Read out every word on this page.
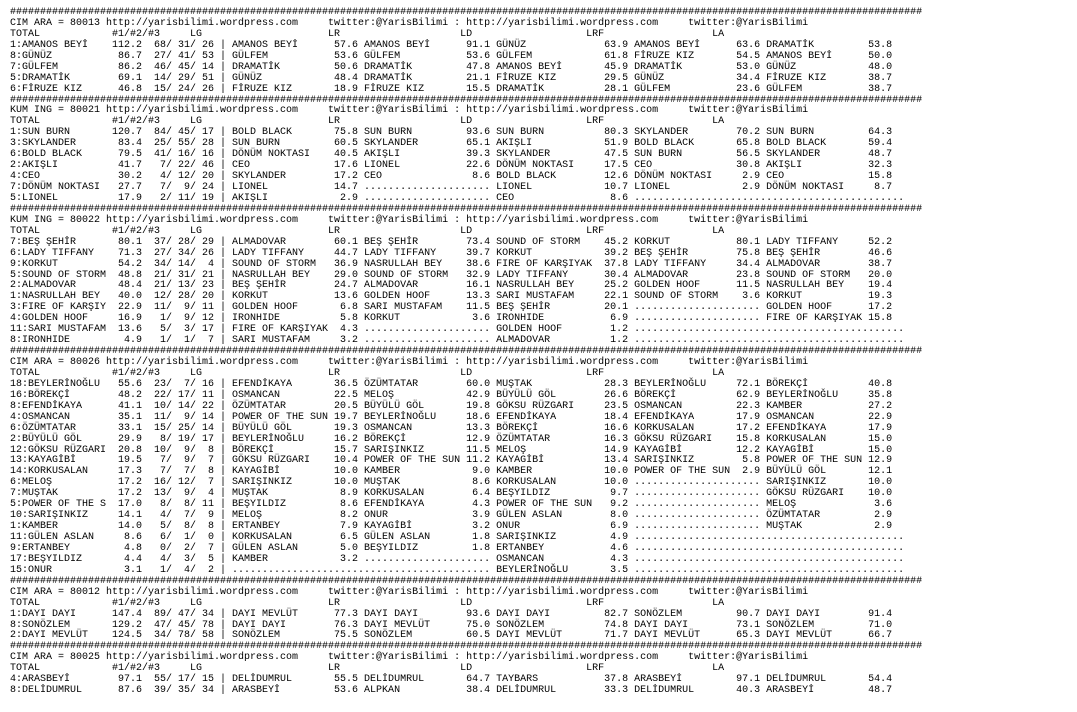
########################################################################################################################################################
CIM ARA = 80013 http://yarisbilimi.wordpress.com     twitter:@YarisBilimi : http://yarisbilimi.wordpress.com     twitter:@YarisBilimi
TOTAL            #1/#2/#3     LG                     LR                    LD                   LRF                  LA
1:AMANOS BEYİ    112.2  68/ 31/ 26 | AMANOS BEYİ      57.6 AMANOS BEYİ      91.1 GÜNÜZ             63.9 AMANOS BEYİ      63.6 DRAMATİK         53.8
8:GÜNÜZ           86.7  27/ 41/ 53 | GÜLFEM           53.6 GÜLFEM           53.6 GÜLFEM            61.8 FİRUZE KIZ       54.5 AMANOS BEYİ      50.0
7:GÜLFEM          86.2  46/ 45/ 14 | DRAMATİK         50.6 DRAMATİK         47.8 AMANOS BEYİ       45.9 DRAMATİK         53.0 GÜNÜZ            48.0
5:DRAMATİK        69.1  14/ 29/ 51 | GÜNÜZ            48.4 DRAMATİK         21.1 FİRUZE KIZ        29.5 GÜNÜZ            34.4 FİRUZE KIZ       38.7
6:FİRUZE KIZ      46.8  15/ 24/ 26 | FİRUZE KIZ       18.9 FİRUZE KIZ       15.5 DRAMATİK          28.1 GÜLFEM           23.6 GÜLFEM           38.7
########################################################################################################################################################
KUM ING = 80021 http://yarisbilimi.wordpress.com     twitter:@YarisBilimi : http://yarisbilimi.wordpress.com     twitter:@YarisBilimi
TOTAL            #1/#2/#3     LG                     LR                    LD                   LRF                  LA
1:SUN BURN       120.7  84/ 45/ 17 | BOLD BLACK       75.8 SUN BURN         93.6 SUN BURN          80.3 SKYLANDER        70.2 SUN BURN         64.3
3:SKYLANDER       83.4  25/ 55/ 28 | SUN BURN         60.5 SKYLANDER        65.1 AKIŞLI            51.9 BOLD BLACK       65.8 BOLD BLACK       59.4
6:BOLD BLACK      79.5  41/ 16/ 16 | DÖNÜM NOKTASI    40.5 AKIŞLI           39.3 SKYLANDER         47.5 SUN BURN         56.5 SKYLANDER        48.7
2:AKIŞLI          41.7   7/ 22/ 46 | CEO              17.6 LIONEL           22.6 DÖNÜM NOKTASI     17.5 CEO              30.8 AKIŞLI           32.3
4:CEO             30.2   4/ 12/ 20 | SKYLANDER        17.2 CEO               8.6 BOLD BLACK        12.6 DÖNÜM NOKTASI     2.9 CEO              15.8
7:DÖNÜM NOKTASI   27.7   7/  9/ 24 | LIONEL           14.7 ..................... LIONEL            10.7 LIONEL            2.9 DÖNÜM NOKTASI     8.7
5:LIONEL          17.9   2/ 11/ 19 | AKIŞLI            2.9 ..................... CEO                8.6 .............................................
########################################################################################################################################################
KUM ING = 80022 http://yarisbilimi.wordpress.com     twitter:@YarisBilimi : http://yarisbilimi.wordpress.com     twitter:@YarisBilimi
TOTAL            #1/#2/#3     LG                     LR                    LD                   LRF                  LA
7:BEŞ ŞEHİR       80.1  37/ 28/ 29 | ALMADOVAR        60.1 BEŞ ŞEHİR        73.4 SOUND OF STORM    45.2 KORKUT           80.1 LADY TIFFANY     52.2
6:LADY TIFFANY    71.3  27/ 34/ 26 | LADY TIFFANY     44.7 LADY TIFFANY     39.7 KORKUT            39.2 BEŞ ŞEHİR        75.8 BEŞ ŞEHİR        46.6
9:KORKUT          54.2  34/ 14/  4 | SOUND OF STORM   36.9 NASRULLAH BEY    38.6 FIRE OF KARŞIYAK  37.8 LADY TIFFANY     34.4 ALMADOVAR        38.7
5:SOUND OF STORM  48.8  21/ 31/ 21 | NASRULLAH BEY    29.0 SOUND OF STORM   32.9 LADY TIFFANY      30.4 ALMADOVAR        23.8 SOUND OF STORM   20.0
2:ALMADOVAR       48.4  21/ 13/ 23 | BEŞ ŞEHİR        24.7 ALMADOVAR        16.1 NASRULLAH BEY     25.2 GOLDEN HOOF      11.5 NASRULLAH BEY    19.4
1:NASRULLAH BEY   40.0  12/ 28/ 20 | KORKUT           13.6 GOLDEN HOOF      13.3 SARI MUSTAFAM     22.1 SOUND OF STORM    3.6 KORKUT           19.3
3:FIRE OF KARŞIY  22.9  11/  9/ 11 | GOLDEN HOOF       6.8 SARI MUSTAFAM    11.5 BEŞ ŞEHİR         20.1 ..................... GOLDEN HOOF      17.2
4:GOLDEN HOOF     16.9   1/  9/ 12 | IRONHIDE          5.8 KORKUT            3.6 IRONHIDE           6.9 ..................... FIRE OF KARŞIYAK 15.8
11:SARI MUSTAFAM  13.6   5/  3/ 17 | FIRE OF KARŞIYAK  4.3 ..................... GOLDEN HOOF        1.2 .............................................
8:IRONHIDE         4.9   1/  1/  7 | SARI MUSTAFAM     3.2 ..................... ALMADOVAR          1.2 .............................................
########################################################################################################################################################
CIM ARA = 80026 http://yarisbilimi.wordpress.com     twitter:@YarisBilimi : http://yarisbilimi.wordpress.com     twitter:@YarisBilimi
TOTAL            #1/#2/#3     LG                     LR                    LD                   LRF                  LA
18:BEYLERİNOĞLU   55.6  23/  7/ 16 | EFENDİKAYA       36.5 ÖZÜMTATAR        60.0 MUŞTAK            28.3 BEYLERİNOĞLU     72.1 BÖREKÇİ          40.8
16:BÖREKÇİ        48.2  22/ 17/ 11 | OSMANCAN         22.5 MELOŞ            42.9 BÜYÜLÜ GÖL        26.6 BÖREKÇİ          62.9 BEYLERİNOĞLU     35.8
8:EFENDİKAYA      41.1  10/ 14/ 22 | ÖZÜMTATAR        20.5 BÜYÜLÜ GÖL       19.8 GÖKSU RÜZGARI     23.5 OSMANCAN         22.3 KAMBER           27.2
4:OSMANCAN        35.1  11/  9/ 14 | POWER OF THE SUN 19.7 BEYLERİNOĞLU     18.6 EFENDİKAYA        18.4 EFENDİKAYA       17.9 OSMANCAN         22.9
6:ÖZÜMTATAR       33.1  15/ 25/ 14 | BÜYÜLÜ GÖL       19.3 OSMANCAN         13.3 BÖREKÇİ           16.6 KORKUSALAN       17.2 EFENDİKAYA       17.9
2:BÜYÜLÜ GÖL      29.9   8/ 19/ 17 | BEYLERİNOĞLU     16.2 BÖREKÇİ          12.9 ÖZÜMTATAR         16.3 GÖKSU RÜZGARI    15.8 KORKUSALAN       15.0
12:GÖKSU RÜZGARI  20.8  10/  9/  8 | BÖREKÇİ          15.7 SARIŞINKIZ       11.5 MELOŞ             14.9 KAYAGİBİ         12.2 KAYAGİBİ         15.0
13:KAYAGİBİ       19.5   7/  9/  7 | GÖKSU RÜZGARI    10.4 POWER OF THE SUN 11.2 KAYAGİBİ          13.4 SARIŞINKIZ        5.8 POWER OF THE SUN 12.9
14:KORKUSALAN     17.3   7/  7/  8 | KAYAGİBİ         10.0 KAMBER            9.0 KAMBER            10.0 POWER OF THE SUN  2.9 BÜYÜLÜ GÖL       12.1
6:MELOŞ           17.2  16/ 12/  7 | SARIŞINKIZ       10.0 MUŞTAK            8.6 KORKUSALAN        10.0 ..................... SARIŞINKIZ       10.0
7:MUŞTAK          17.2  13/  9/  4 | MUŞTAK            8.9 KORKUSALAN        6.4 BEŞYILDIZ          9.7 ..................... GÖKSU RÜZGARI    10.0
5:POWER OF THE S  17.0   8/  8/ 11 | BEŞYILDIZ         8.6 EFENDİKAYA        4.3 POWER OF THE SUN   9.2 ..................... MELOŞ             3.6
10:SARIŞINKIZ     14.1   4/  7/  9 | MELOŞ             8.2 ONUR              3.9 GÜLEN ASLAN        8.0 ..................... ÖZÜMTATAR         2.9
1:KAMBER          14.0   5/  8/  8 | ERTANBEY          7.9 KAYAGİBİ          3.2 ONUR               6.9 ..................... MUŞTAK            2.9
11:GÜLEN ASLAN     8.6   6/  1/  0 | KORKUSALAN        6.5 GÜLEN ASLAN       1.8 SARIŞINKIZ         4.9 .............................................
9:ERTANBEY         4.8   0/  2/  7 | GÜLEN ASLAN       5.0 BEŞYILDIZ         1.8 ERTANBEY           4.6 .............................................
17:BEŞYILDIZ       4.4   4/  3/  5 | KAMBER            3.2 ..................... OSMANCAN           4.3 .............................................
15:ONUR            3.1   1/  4/  2 | ........................................... BEYLERİNOĞLU       3.5 .............................................
########################################################################################################################################################
CIM ARA = 80012 http://yarisbilimi.wordpress.com     twitter:@YarisBilimi : http://yarisbilimi.wordpress.com     twitter:@YarisBilimi
TOTAL            #1/#2/#3     LG                     LR                    LD                   LRF                  LA
1:DAYI DAYI      147.4  89/ 47/ 34 | DAYI MEVLÜT      77.3 DAYI DAYI        93.6 DAYI DAYI         82.7 SONÖZLEM         90.7 DAYI DAYI        91.4
8:SONÖZLEM       129.2  47/ 45/ 78 | DAYI DAYI        76.3 DAYI MEVLÜT      75.0 SONÖZLEM          74.8 DAYI DAYI        73.1 SONÖZLEM         71.0
2:DAYI MEVLÜT    124.5  34/ 78/ 58 | SONÖZLEM         75.5 SONÖZLEM         60.5 DAYI MEVLÜT       71.7 DAYI MEVLÜT      65.3 DAYI MEVLÜT      66.7
########################################################################################################################################################
CIM ARA = 80025 http://yarisbilimi.wordpress.com     twitter:@YarisBilimi : http://yarisbilimi.wordpress.com     twitter:@YarisBilimi
TOTAL            #1/#2/#3     LG                     LR                    LD                   LRF                  LA
4:ARASBEYİ        97.1  55/ 17/ 15 | DELİDUMRUL       55.5 DELİDUMRUL       64.7 TAYBARS           37.8 ARASBEYİ         97.1 DELİDUMRUL       54.4
8:DELİDUMRUL      87.6  39/ 35/ 34 | ARASBEYİ         53.6 ALPKAN           38.4 DELİDUMRUL        33.3 DELİDUMRUL       40.3 ARASBEYİ         48.7
